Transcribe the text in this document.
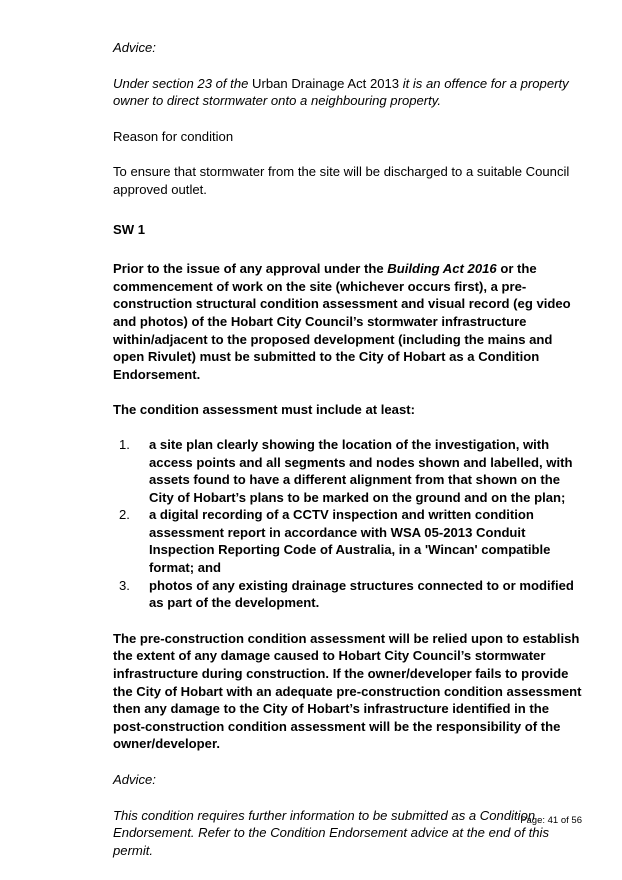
Advice:

Under section 23 of the Urban Drainage Act 2013 it is an offence for a property owner to direct stormwater onto a neighbouring property.

Reason for condition

To ensure that stormwater from the site will be discharged to a suitable Council approved outlet.

SW 1

Prior to the issue of any approval under the Building Act 2016 or the commencement of work on the site (whichever occurs first), a pre-construction structural condition assessment and visual record (eg video and photos) of the Hobart City Council’s stormwater infrastructure within/adjacent to the proposed development (including the mains and open Rivulet) must be submitted to the City of Hobart as a Condition Endorsement.

The condition assessment must include at least:

1.	a site plan clearly showing the location of the investigation, with access points and all segments and nodes shown and labelled, with assets found to have a different alignment from that shown on the City of Hobart’s plans to be marked on the ground and on the plan;
2.	a digital recording of a CCTV inspection and written condition assessment report in accordance with WSA 05-2013 Conduit Inspection Reporting Code of Australia, in a 'Wincan' compatible format; and
3.	photos of any existing drainage structures connected to or modified as part of the development.

The pre-construction condition assessment will be relied upon to establish the extent of any damage caused to Hobart City Council’s stormwater infrastructure during construction. If the owner/developer fails to provide the City of Hobart with an adequate pre-construction condition assessment then any damage to the City of Hobart’s infrastructure identified in the post-construction condition assessment will be the responsibility of the owner/developer.

Advice:

This condition requires further information to be submitted as a Condition Endorsement. Refer to the Condition Endorsement advice at the end of this permit.

Page: 41 of 56
